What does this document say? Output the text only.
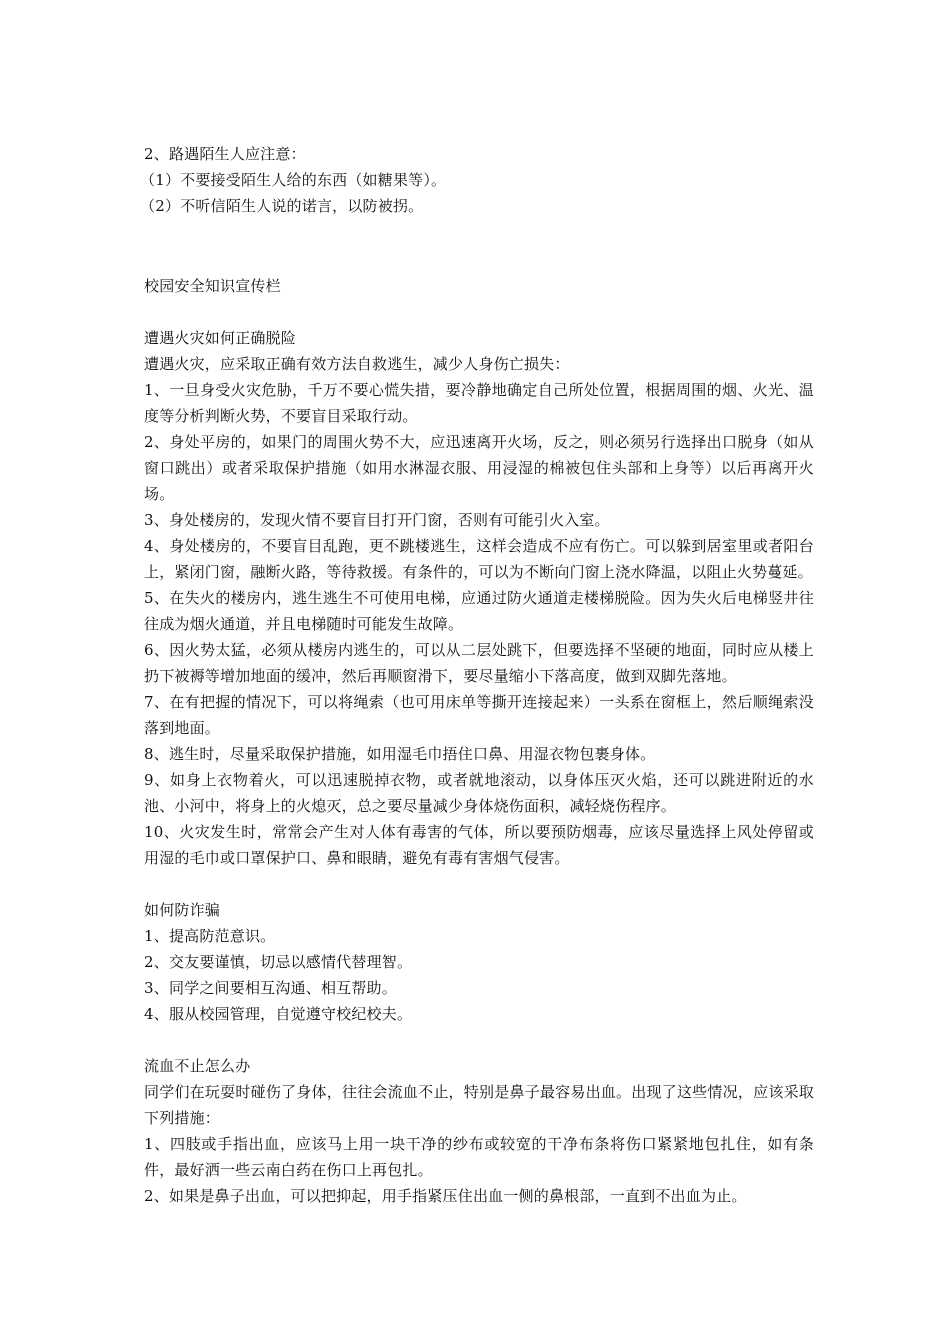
2、路遇陌生人应注意：
（1）不要接受陌生人给的东西（如糖果等）。
（2）不听信陌生人说的诺言，以防被拐。
校园安全知识宣传栏
遭遇火灾如何正确脱险
遭遇火灾，应采取正确有效方法自救逃生，减少人身伤亡损失：
1、一旦身受火灾危胁，千万不要心慌失措，要冷静地确定自己所处位置，根据周围的烟、火光、温度等分析判断火势，不要盲目采取行动。
2、身处平房的，如果门的周围火势不大，应迅速离开火场，反之，则必须另行选择出口脱身（如从窗口跳出）或者采取保护措施（如用水淋湿衣服、用浸湿的棉被包住头部和上身等）以后再离开火场。
3、身处楼房的，发现火情不要盲目打开门窗，否则有可能引火入室。
4、身处楼房的，不要盲目乱跑，更不跳楼逃生，这样会造成不应有伤亡。可以躲到居室里或者阳台上，紧闭门窗，融断火路，等待救援。有条件的，可以为不断向门窗上浇水降温，以阻止火势蔓延。
5、在失火的楼房内，逃生逃生不可使用电梯，应通过防火通道走楼梯脱险。因为失火后电梯竖井往往成为烟火通道，并且电梯随时可能发生故障。
6、因火势太猛，必须从楼房内逃生的，可以从二层处跳下，但要选择不坚硬的地面，同时应从楼上扔下被褥等增加地面的缓冲，然后再顺窗滑下，要尽量缩小下落高度，做到双脚先落地。
7、在有把握的情况下，可以将绳索（也可用床单等撕开连接起来）一头系在窗框上，然后顺绳索没落到地面。
8、逃生时，尽量采取保护措施，如用湿毛巾捂住口鼻、用湿衣物包裹身体。
9、如身上衣物着火，可以迅速脱掉衣物，或者就地滚动，以身体压灭火焰，还可以跳进附近的水池、小河中，将身上的火熄灭，总之要尽量减少身体烧伤面积，减轻烧伤程序。
10、火灾发生时，常常会产生对人体有毒害的气体，所以要预防烟毒，应该尽量选择上风处停留或用湿的毛巾或口罩保护口、鼻和眼睛，避免有毒有害烟气侵害。
如何防诈骗
1、提高防范意识。
2、交友要谨慎，切忌以感情代替理智。
3、同学之间要相互沟通、相互帮助。
4、服从校园管理，自觉遵守校纪校夫。
流血不止怎么办
同学们在玩耍时碰伤了身体，往往会流血不止，特别是鼻子最容易出血。出现了这些情况，应该采取下列措施：
1、四肢或手指出血，应该马上用一块干净的纱布或较宽的干净布条将伤口紧紧地包扎住，如有条件，最好洒一些云南白药在伤口上再包扎。
2、如果是鼻子出血，可以把抑起，用手指紧压住出血一侧的鼻根部，一直到不出血为止。
